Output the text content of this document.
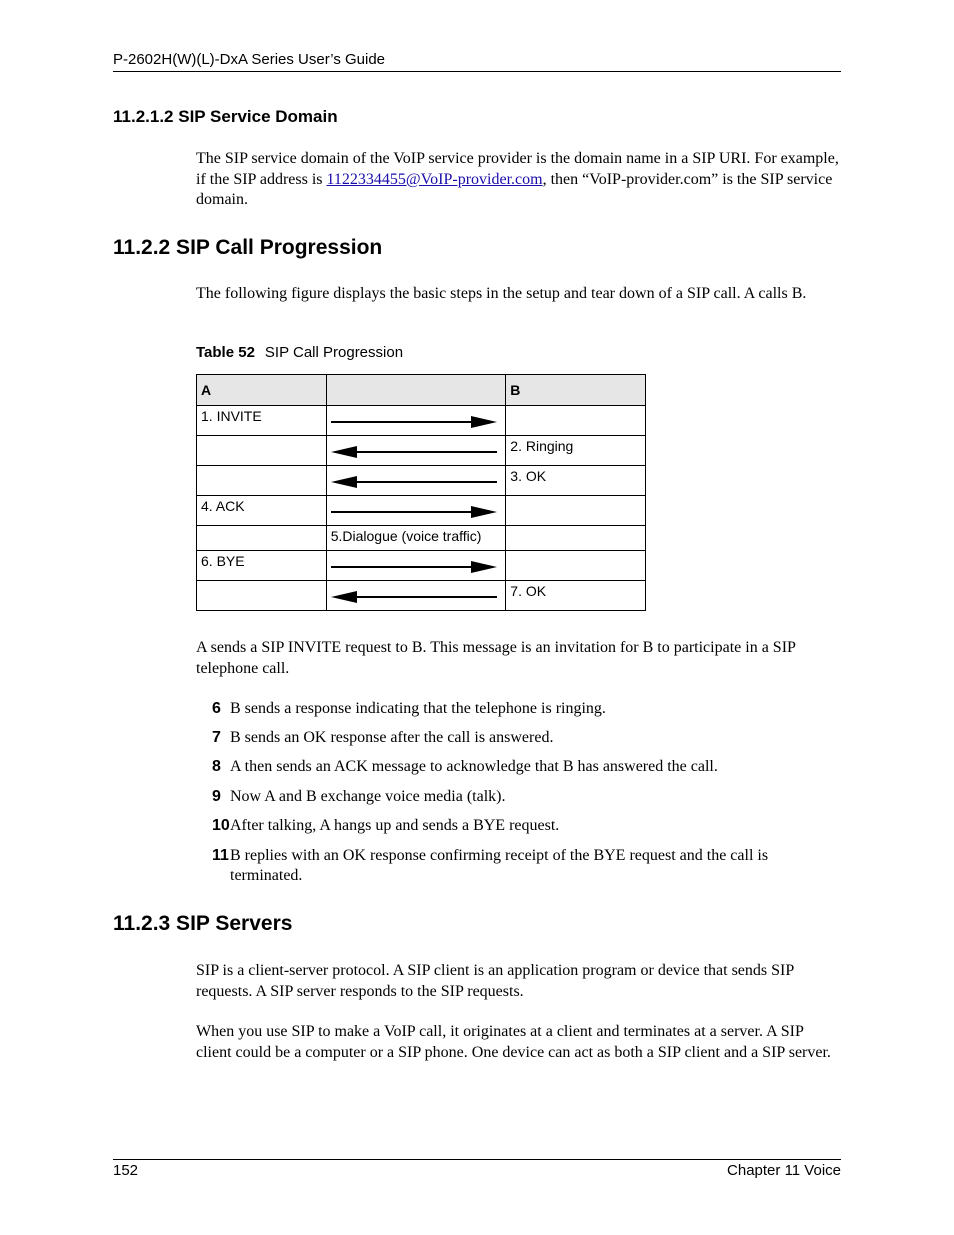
P-2602H(W)(L)-DxA Series User’s Guide
11.2.1.2 SIP Service Domain
The SIP service domain of the VoIP service provider is the domain name in a SIP URI. For example, if the SIP address is 1122334455@VoIP-provider.com, then “VoIP-provider.com” is the SIP service domain.
11.2.2 SIP Call Progression
The following figure displays the basic steps in the setup and tear down of a SIP call. A calls B.
Table 52 SIP Call Progression
A		B
1. INVITE	

	2. Ringing

	3. OK
4. ACK	

	5.Dialogue (voice traffic)	
6. BYE	

	7. OK
A sends a SIP INVITE request to B. This message is an invitation for B to participate in a SIP telephone call.
6 B sends a response indicating that the telephone is ringing.
7 B sends an OK response after the call is answered.
8 A then sends an ACK message to acknowledge that B has answered the call.
9 Now A and B exchange voice media (talk).
10 After talking, A hangs up and sends a BYE request.
11 B replies with an OK response confirming receipt of the BYE request and the call is terminated.
11.2.3 SIP Servers
SIP is a client-server protocol. A SIP client is an application program or device that sends SIP requests. A SIP server responds to the SIP requests.
When you use SIP to make a VoIP call, it originates at a client and terminates at a server. A SIP client could be a computer or a SIP phone. One device can act as both a SIP client and a SIP server.
152	Chapter 11 Voice
